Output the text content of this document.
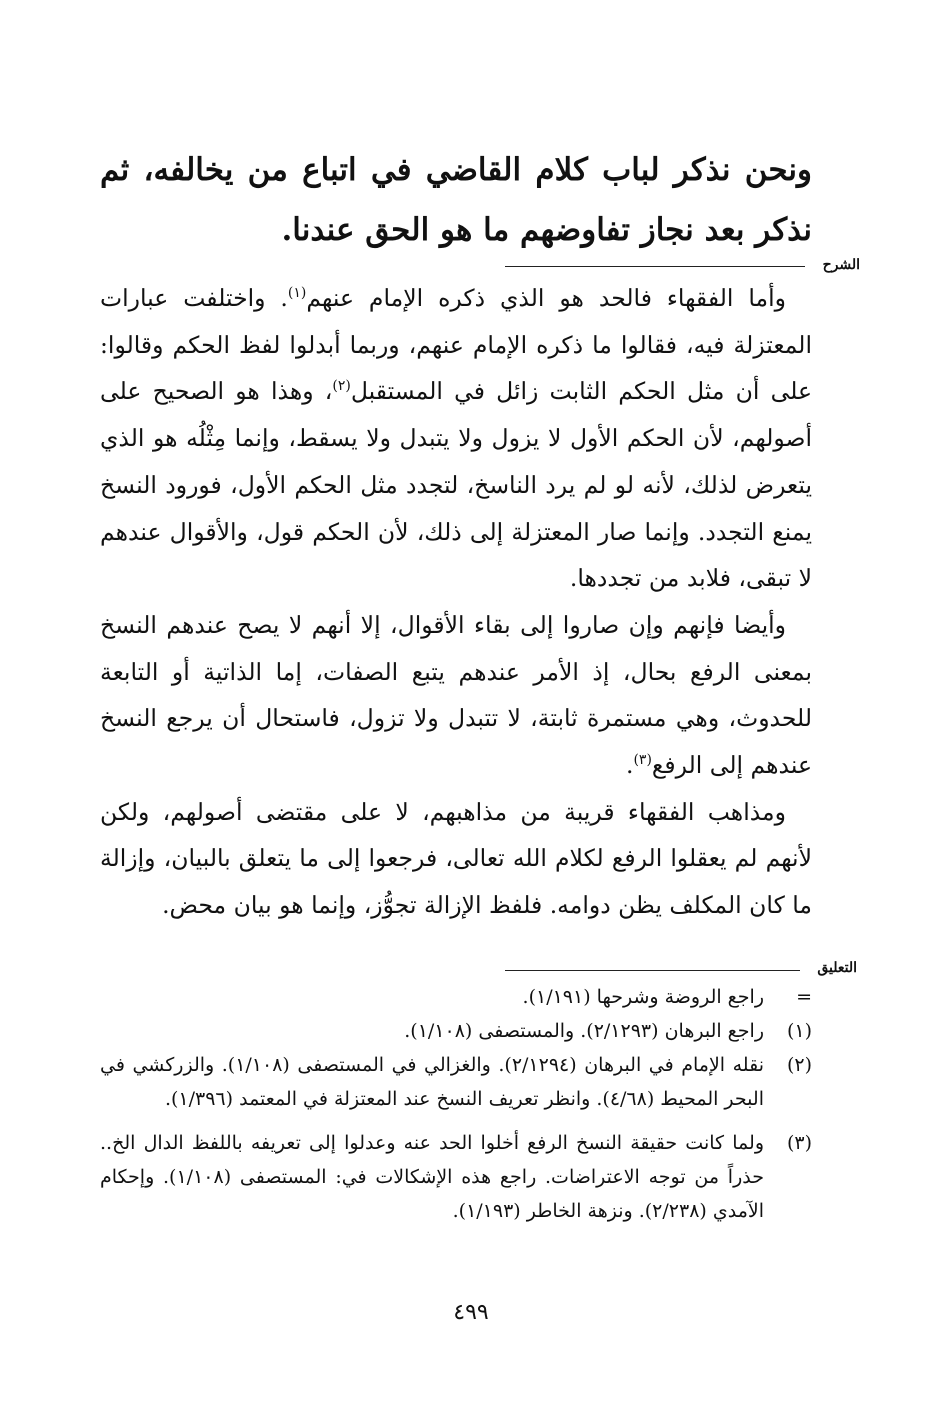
ونحن نذكر لباب كلام القاضي في اتباع من يخالفه، ثم نذكر بعد نجاز تفاوضهم ما هو الحق عندنا.

الشرح

وأما الفقهاء فالحد هو الذي ذكره الإمام عنهم$^{(١)}$. واختلفت عبارات المعتزلة فيه، فقالوا ما ذكره الإمام عنهم، وربما أبدلوا لفظ الحكم وقالوا: على أن مثل الحكم الثابت زائل في المستقبل$^{(٢)}$، وهذا هو الصحيح على أصولهم، لأن الحكم الأول لا يزول ولا يتبدل ولا يسقط، وإنما مِثْلُه هو الذي يتعرض لذلك، لأنه لو لم يرد الناسخ، لتجدد مثل الحكم الأول، فورود النسخ يمنع التجدد. وإنما صار المعتزلة إلى ذلك، لأن الحكم قول، والأقوال عندهم لا تبقى، فلابد من تجددها.

وأيضا فإنهم وإن صاروا إلى بقاء الأقوال، إلا أنهم لا يصح عندهم النسخ بمعنى الرفع بحال، إذ الأمر عندهم يتبع الصفات، إما الذاتية أو التابعة للحدوث، وهي مستمرة ثابتة، لا تتبدل ولا تزول، فاستحال أن يرجع النسخ عندهم إلى الرفع$^{(٣)}$.

ومذاهب الفقهاء قريبة من مذاهبهم، لا على مقتضى أصولهم، ولكن لأنهم لم يعقلوا الرفع لكلام الله تعالى، فرجعوا إلى ما يتعلق بالبيان، وإزالة ما كان المكلف يظن دوامه. فلفظ الإزالة تجوُّز، وإنما هو بيان محض.

التعليق
=
راجع الروضة وشرحها (١/١٩١).
(١)
راجع البرهان (٢/١٢٩٣). والمستصفى (١/١٠٨).
(٢)
نقله الإمام في البرهان (٢/١٢٩٤). والغزالي في المستصفى (١/١٠٨). والزركشي في البحر المحيط (٤/٦٨). وانظر تعريف النسخ عند المعتزلة في المعتمد (١/٣٩٦).
(٣)
ولما كانت حقيقة النسخ الرفع أخلوا الحد عنه وعدلوا إلى تعريفه باللفظ الدال الخ.. حذراً من توجه الاعتراضات. راجع هذه الإشكالات في: المستصفى (١/١٠٨). وإحكام الآمدي (٢/٢٣٨). ونزهة الخاطر (١/١٩٣).
٤٩٩
